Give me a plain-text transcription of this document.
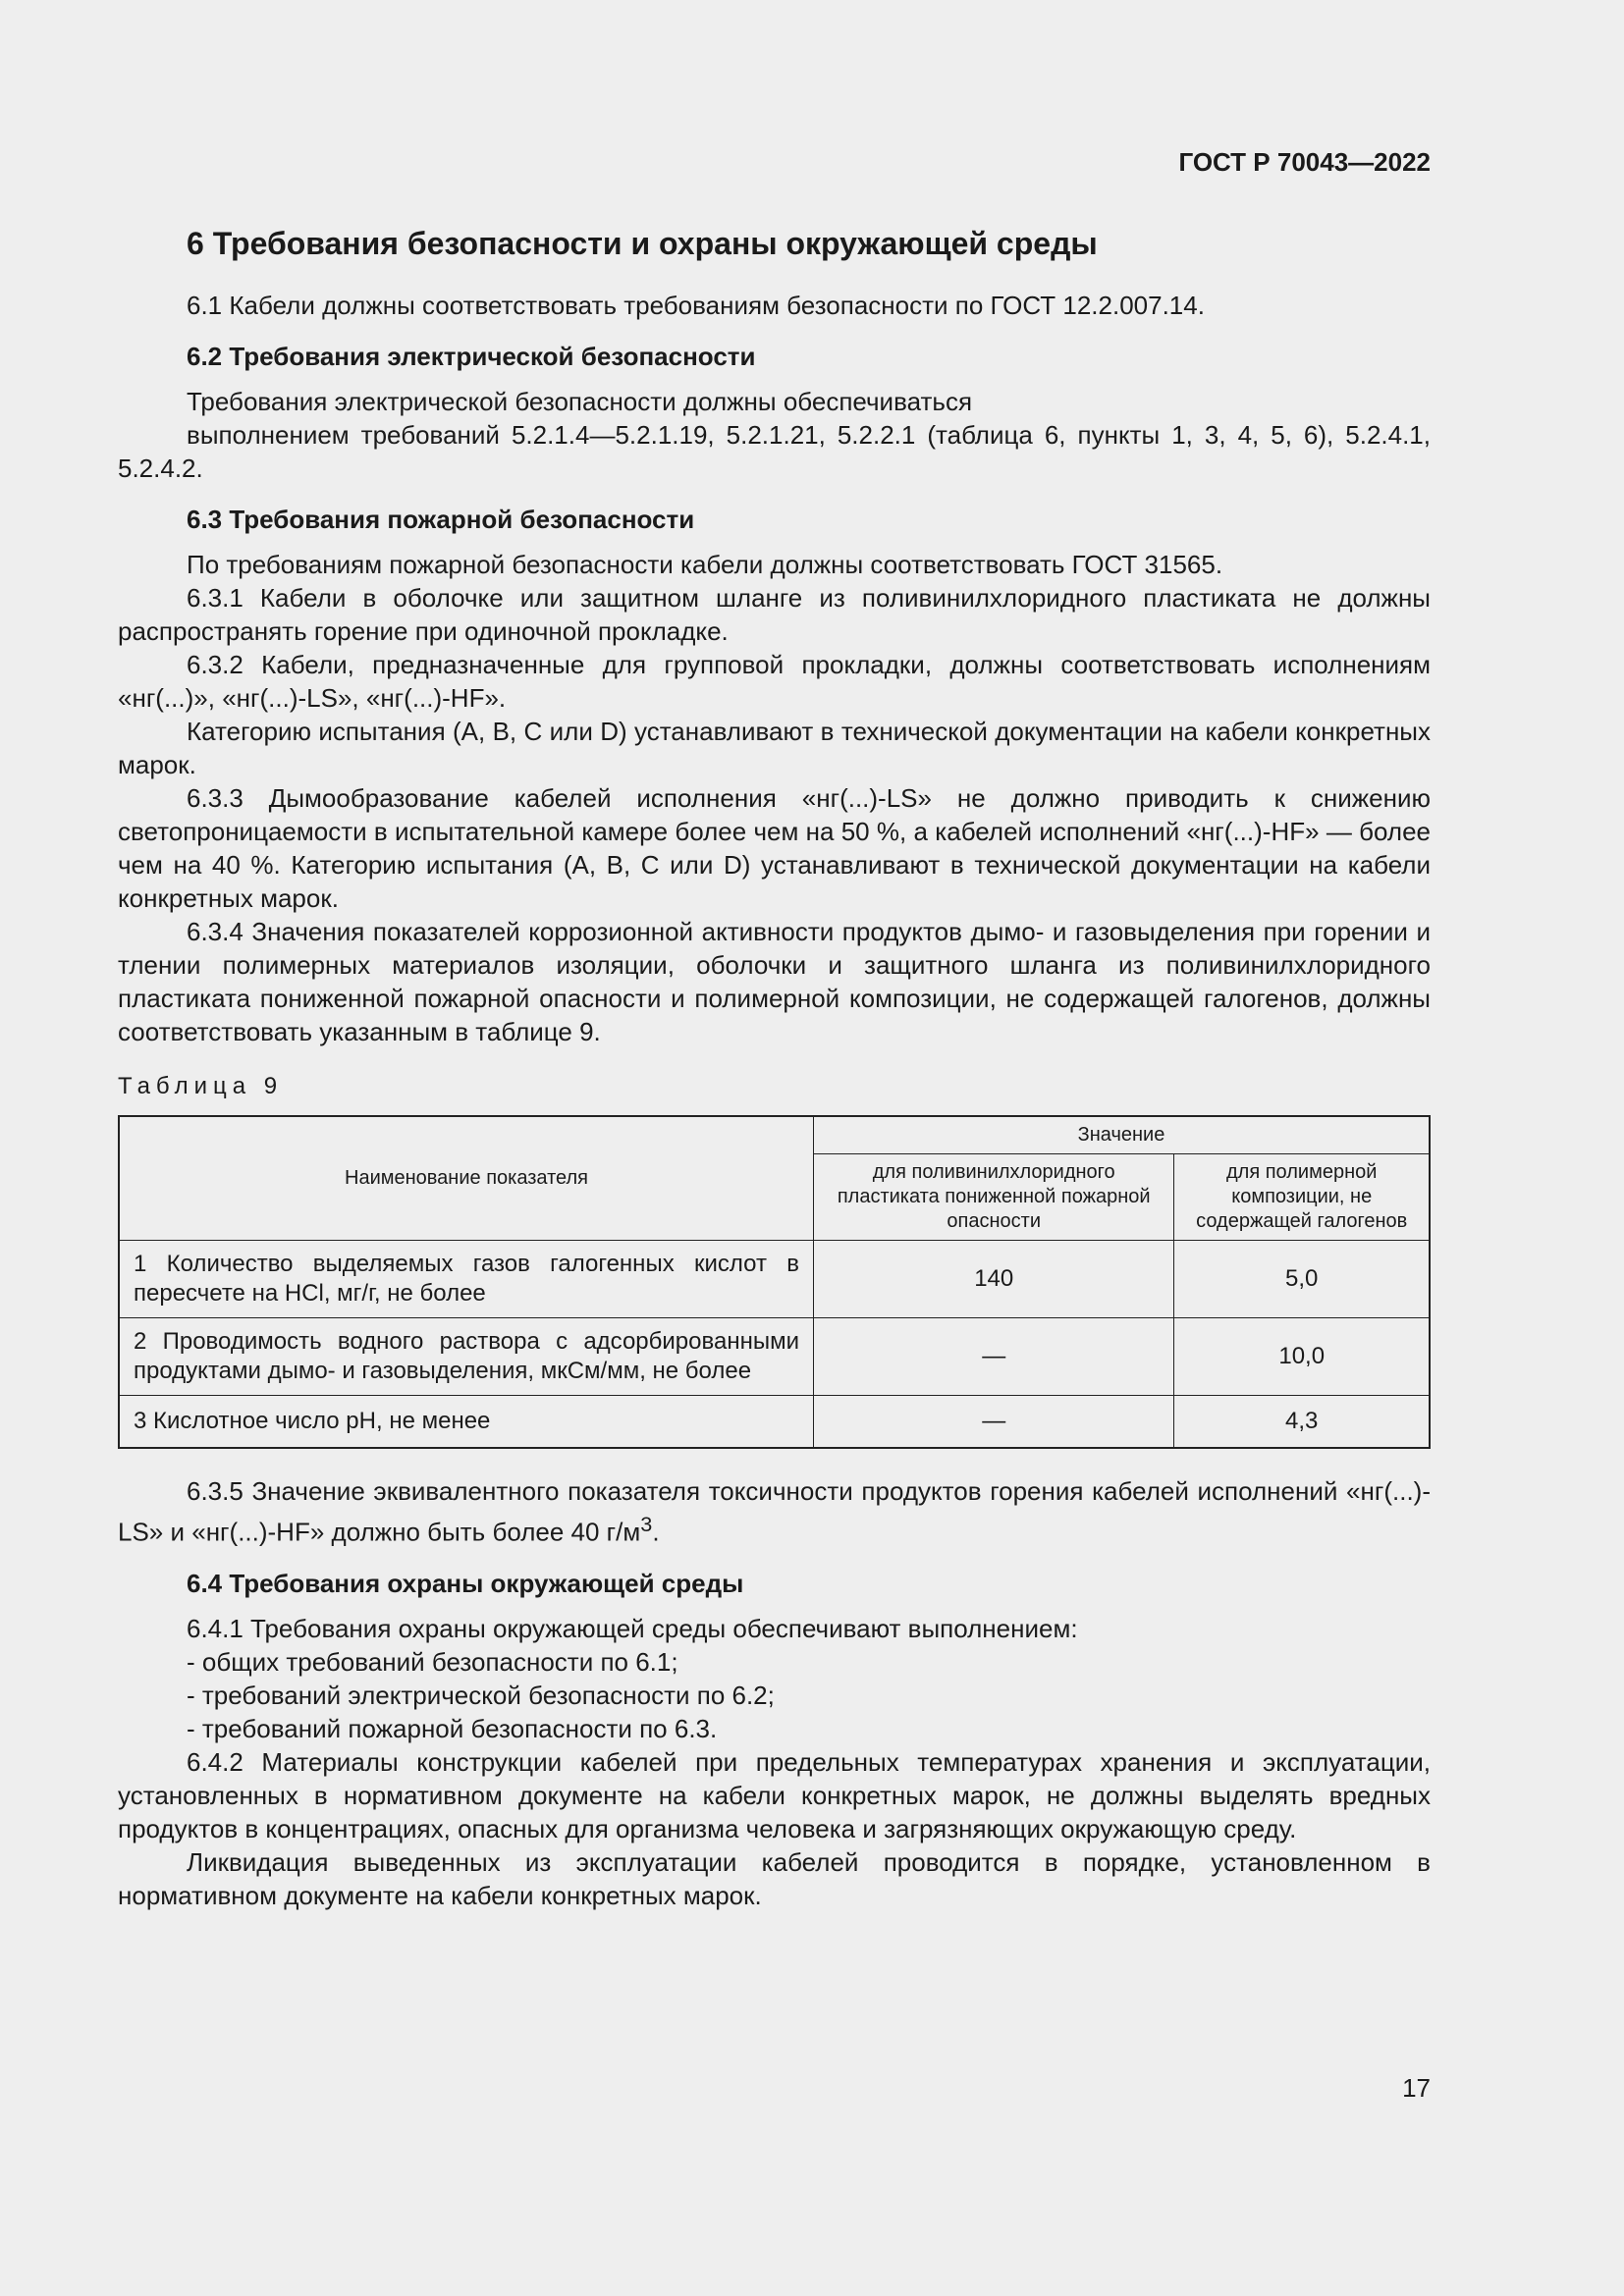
ГОСТ Р 70043—2022
6 Требования безопасности и охраны окружающей среды

6.1 Кабели должны соответствовать требованиям безопасности по ГОСТ 12.2.007.14.

6.2 Требования электрической безопасности

Требования электрической безопасности должны обеспечиваться

выполнением требований 5.2.1.4—5.2.1.19, 5.2.1.21, 5.2.2.1 (таблица 6, пункты 1, 3, 4, 5, 6), 5.2.4.1, 5.2.4.2.

6.3 Требования пожарной безопасности

По требованиям пожарной безопасности кабели должны соответствовать ГОСТ 31565.

6.3.1 Кабели в оболочке или защитном шланге из поливинилхлоридного пластиката не должны распространять горение при одиночной прокладке.

6.3.2 Кабели, предназначенные для групповой прокладки, должны соответствовать исполнениям «нг(...)», «нг(...)-LS», «нг(...)-HF».

Категорию испытания (A, B, C или D) устанавливают в технической документации на кабели конкретных марок.

6.3.3 Дымообразование кабелей исполнения «нг(...)-LS» не должно приводить к снижению светопроницаемости в испытательной камере более чем на 50 %, а кабелей исполнений «нг(...)-HF» — более чем на 40 %. Категорию испытания (A, B, C или D) устанавливают в технической документации на кабели конкретных марок.

6.3.4 Значения показателей коррозионной активности продуктов дымо- и газовыделения при горении и тлении полимерных материалов изоляции, оболочки и защитного шланга из поливинилхлоридного пластиката пониженной пожарной опасности и полимерной композиции, не содержащей галогенов, должны соответствовать указанным в таблице 9.

Таблица 9
Наименование показателя	Значение	
	для поливинилхлоридного пластиката пониженной пожарной опасности	для полимерной композиции, не содержащей галогенов
1 Количество выделяемых газов галогенных кислот в пересчете на HCl, мг/г, не более	140	5,0
2 Проводимость водного раствора с адсорбированными продуктами дымо- и газовыделения, мкСм/мм, не более	—	10,0
3 Кислотное число pH, не менее	—	4,3

6.3.5 Значение эквивалентного показателя токсичности продуктов горения кабелей исполнений «нг(...)-LS» и «нг(...)-HF» должно быть более 40 $г/м^3$.

6.4 Требования охраны окружающей среды

6.4.1 Требования охраны окружающей среды обеспечивают выполнением:

- общих требований безопасности по 6.1;
- требований электрической безопасности по 6.2;
- требований пожарной безопасности по 6.3.

6.4.2 Материалы конструкции кабелей при предельных температурах хранения и эксплуатации, установленных в нормативном документе на кабели конкретных марок, не должны выделять вредных продуктов в концентрациях, опасных для организма человека и загрязняющих окружающую среду.

Ликвидация выведенных из эксплуатации кабелей проводится в порядке, установленном в нормативном документе на кабели конкретных марок.

17
